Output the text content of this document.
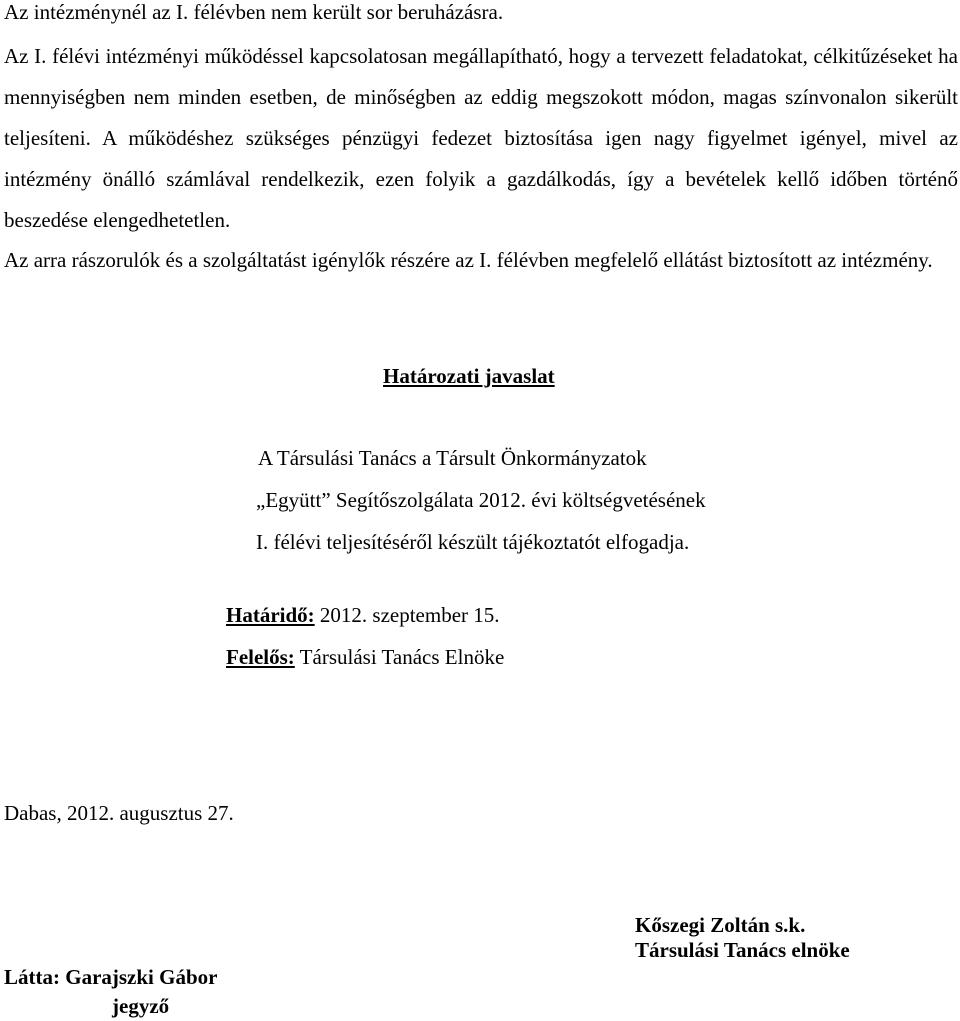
Az intézménynél az I. félévben nem került sor beruházásra.

Az I. félévi intézményi működéssel kapcsolatosan megállapítható, hogy a tervezett feladatokat, célkitűzéseket ha mennyiségben nem minden esetben, de minőségben az eddig megszokott módon, magas színvonalon sikerült teljesíteni. A működéshez szükséges pénzügyi fedezet biztosítása igen nagy figyelmet igényel, mivel az intézmény önálló számlával rendelkezik, ezen folyik a gazdálkodás, így a bevételek kellő időben történő beszedése elengedhetetlen.

Az arra rászorulók és a szolgáltatást igénylők részére az I. félévben megfelelő ellátást biztosított az intézmény.

Határozati javaslat

A Társulási Tanács a Társult Önkormányzatok

„Együtt” Segítőszolgálata 2012. évi költségvetésének

I. félévi teljesítéséről készült tájékoztatót elfogadja.

Határidő: 2012. szeptember 15.

Felelős: Társulási Tanács Elnöke

Dabas, 2012. augusztus 27.

Kőszegi Zoltán s.k.

Társulási Tanács elnöke

Látta: Garajszki Gábor

jegyző
